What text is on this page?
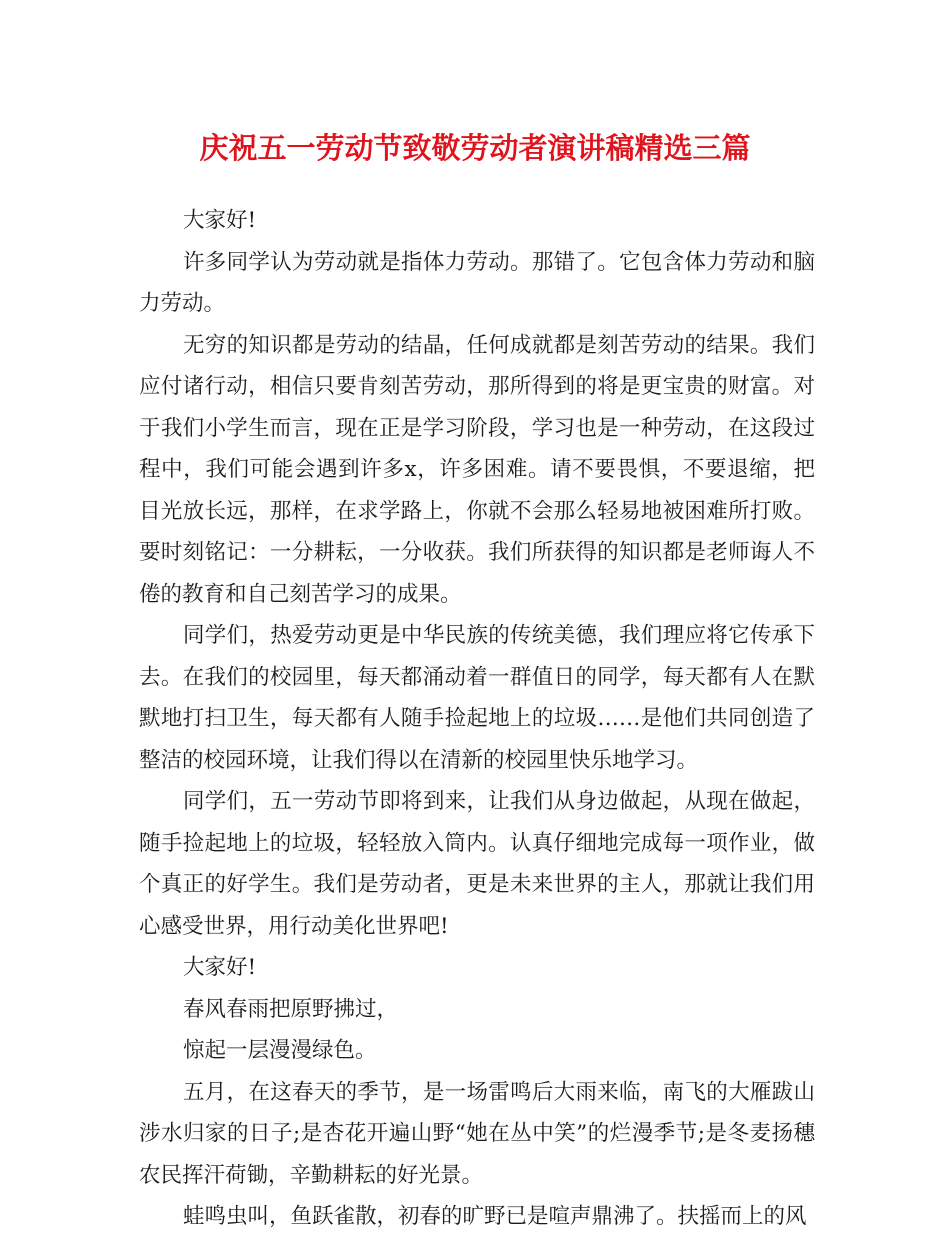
庆祝五一劳动节致敬劳动者演讲稿精选三篇

大家好!

许多同学认为劳动就是指体力劳动。那错了。它包含体力劳动和脑力劳动。

无穷的知识都是劳动的结晶，任何成就都是刻苦劳动的结果。我们应付诸行动，相信只要肯刻苦劳动，那所得到的将是更宝贵的财富。对于我们小学生而言，现在正是学习阶段，学习也是一种劳动，在这段过程中，我们可能会遇到许多x，许多困难。请不要畏惧，不要退缩，把目光放长远，那样，在求学路上，你就不会那么轻易地被困难所打败。要时刻铭记：一分耕耘，一分收获。我们所获得的知识都是老师诲人不倦的教育和自己刻苦学习的成果。

同学们，热爱劳动更是中华民族的传统美德，我们理应将它传承下去。在我们的校园里，每天都涌动着一群值日的同学，每天都有人在默默地打扫卫生，每天都有人随手捡起地上的垃圾……是他们共同创造了整洁的校园环境，让我们得以在清新的校园里快乐地学习。

同学们，五一劳动节即将到来，让我们从身边做起，从现在做起，随手捡起地上的垃圾，轻轻放入筒内。认真仔细地完成每一项作业，做个真正的好学生。我们是劳动者，更是未来世界的主人，那就让我们用心感受世界，用行动美化世界吧!

大家好!

春风春雨把原野拂过，

惊起一层漫漫绿色。

五月，在这春天的季节，是一场雷鸣后大雨来临，南飞的大雁跋山涉水归家的日子;是杏花开遍山野“她在丛中笑”的烂漫季节;是冬麦扬穗农民挥汗荷锄，辛勤耕耘的好光景。

蛙鸣虫叫，鱼跃雀散，初春的旷野已是喧声鼎沸了。扶摇而上的风
